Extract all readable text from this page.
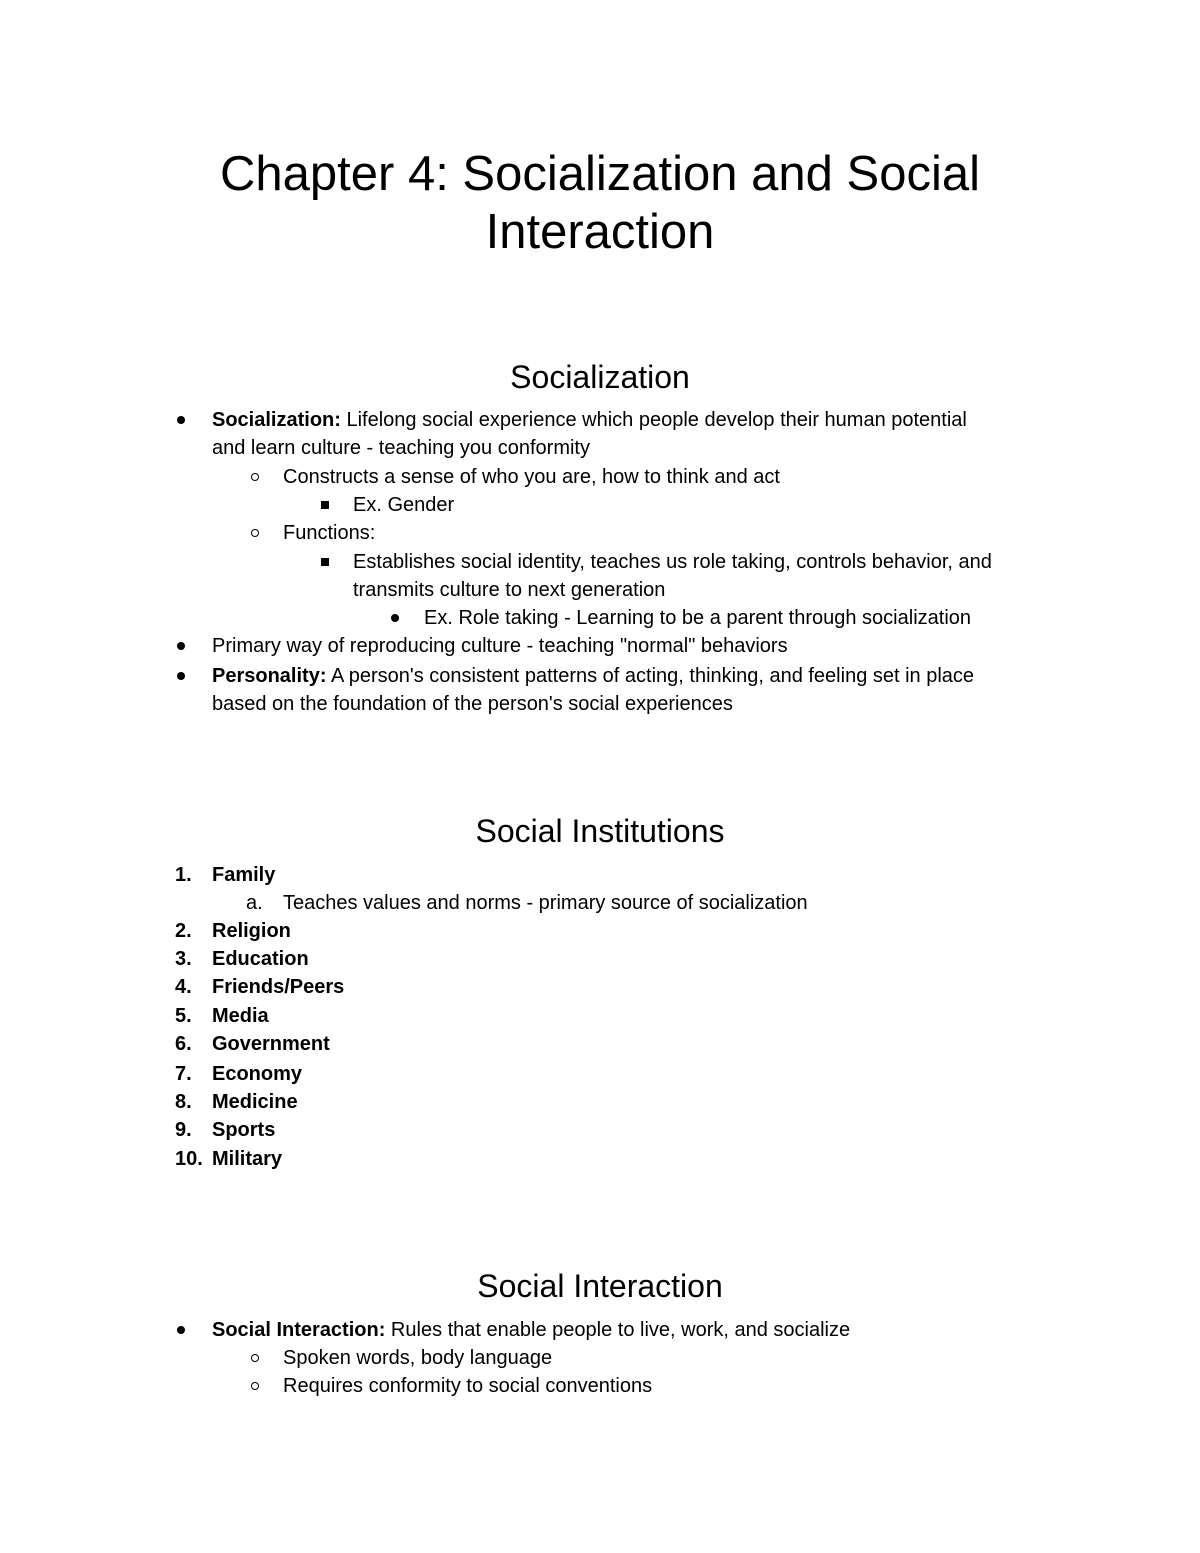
Chapter 4: Socialization and Social
Interaction
Socialization
Socialization: Lifelong social experience which people develop their human potential
and learn culture - teaching you conformity
Constructs a sense of who you are, how to think and act
Ex. Gender
Functions:
Establishes social identity, teaches us role taking, controls behavior, and
transmits culture to next generation
Ex. Role taking - Learning to be a parent through socialization
Primary way of reproducing culture - teaching "normal" behaviors
Personality: A person's consistent patterns of acting, thinking, and feeling set in place
based on the foundation of the person's social experiences
Social Institutions
1. Family
a. Teaches values and norms - primary source of socialization
2. Religion
3. Education
4. Friends/Peers
5. Media
6. Government
7. Economy
8. Medicine
9. Sports
10. Military
Social Interaction
Social Interaction: Rules that enable people to live, work, and socialize
Spoken words, body language
Requires conformity to social conventions
